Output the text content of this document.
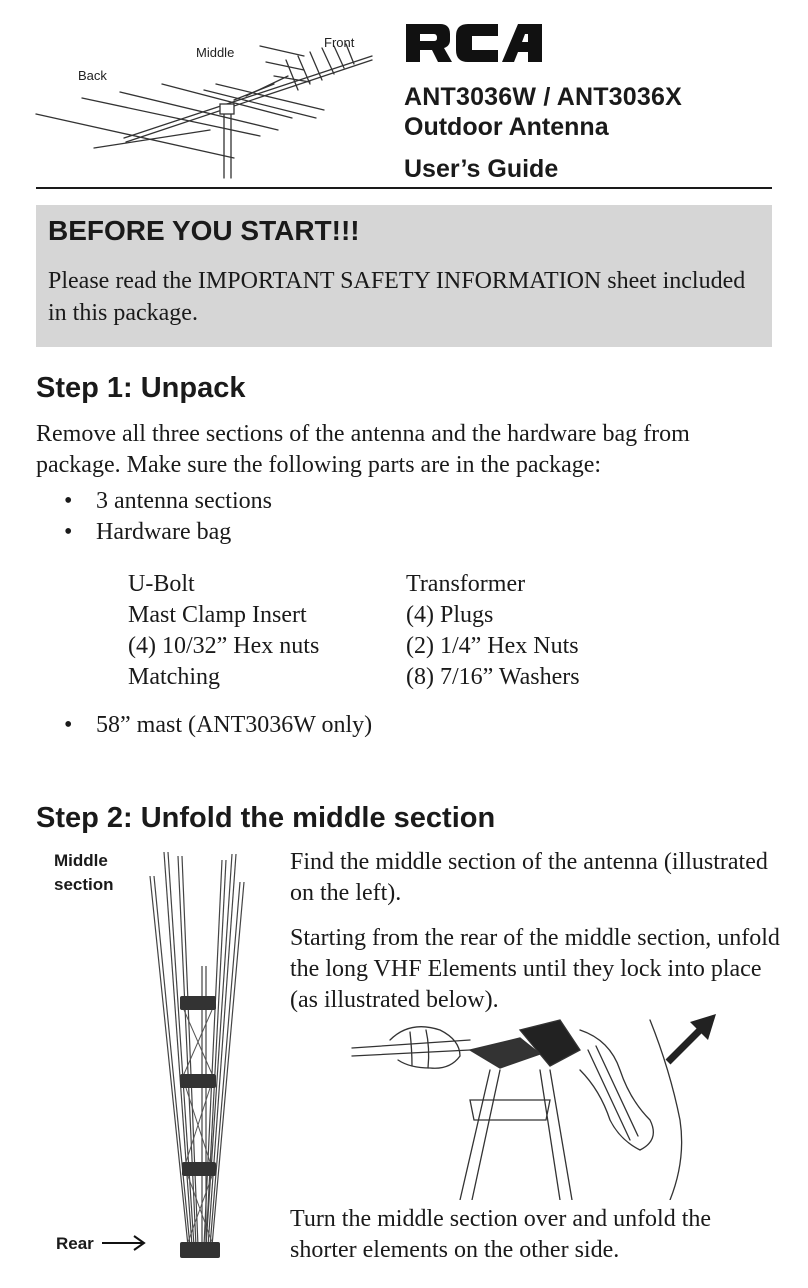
Front
Middle
Back
ANT3036W / ANT3036X
Outdoor Antenna
User’s Guide
BEFORE YOU START!!!
Please read the IMPORTANT SAFETY INFORMATION sheet included in this package.
Step 1: Unpack
Remove all three sections of the antenna and the hardware bag from package. Make sure the following parts are in the package:
• 3 antenna sections
• Hardware bag
U-Bolt
Mast Clamp Insert
(4) 10/32” Hex nuts
Matching
Transformer
(4) Plugs
(2) 1/4” Hex Nuts
(8) 7/16” Washers
• 58” mast (ANT3036W only)
Step 2: Unfold the middle section
Middle
section
Rear
Find the middle section of the antenna (illustrated on the left).
Starting from the rear of the middle section, unfold the long VHF Elements until they lock into place (as illustrated below).
Turn the middle section over and unfold the shorter elements on the other side.
